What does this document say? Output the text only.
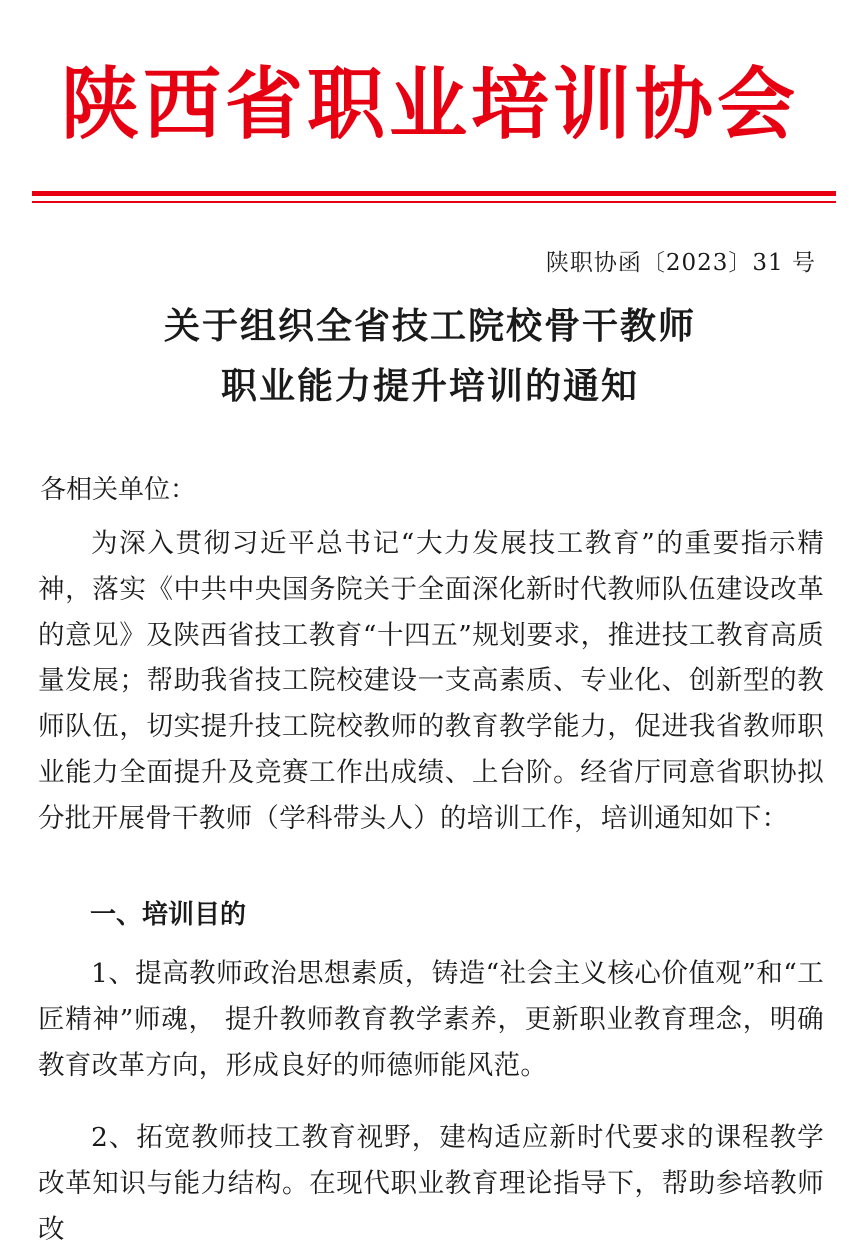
陕西省职业培训协会
陕职协函〔2023〕31 号
关于组织全省技工院校骨干教师
职业能力提升培训的通知
各相关单位：
为深入贯彻习近平总书记“大力发展技工教育”的重要指示精神，落实《中共中央国务院关于全面深化新时代教师队伍建设改革的意见》及陕西省技工教育“十四五”规划要求，推进技工教育高质量发展；帮助我省技工院校建设一支高素质、专业化、创新型的教师队伍，切实提升技工院校教师的教育教学能力，促进我省教师职业能力全面提升及竞赛工作出成绩、上台阶。经省厅同意省职协拟分批开展骨干教师（学科带头人）的培训工作，培训通知如下：
一、培训目的
1、提高教师政治思想素质，铸造“社会主义核心价值观”和“工匠精神”师魂， 提升教师教育教学素养，更新职业教育理念，明确教育改革方向，形成良好的师德师能风范。
2、拓宽教师技工教育视野，建构适应新时代要求的课程教学改革知识与能力结构。在现代职业教育理论指导下，帮助参培教师改
